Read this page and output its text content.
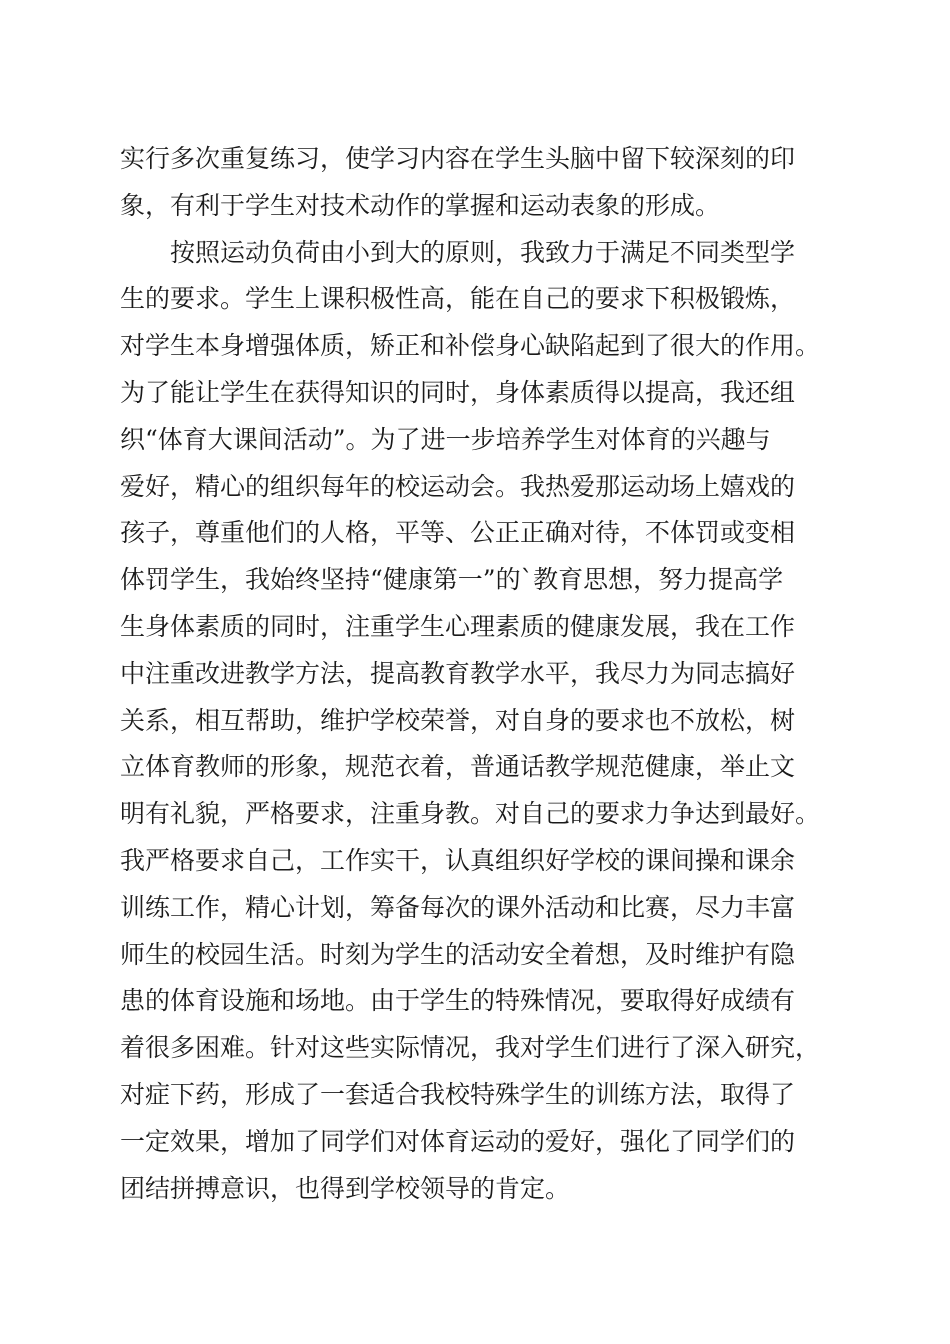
实行多次重复练习，使学习内容在学生头脑中留下较深刻的印
象，有利于学生对技术动作的掌握和运动表象的形成。
按照运动负荷由小到大的原则，我致力于满足不同类型学
生的要求。学生上课积极性高，能在自己的要求下积极锻炼，
对学生本身增强体质，矫正和补偿身心缺陷起到了很大的作用。
为了能让学生在获得知识的同时，身体素质得以提高，我还组
织“体育大课间活动”。为了进一步培养学生对体育的兴趣与
爱好，精心的组织每年的校运动会。我热爱那运动场上嬉戏的
孩子，尊重他们的人格，平等、公正正确对待，不体罚或变相
体罚学生，我始终坚持“健康第一”的`教育思想，努力提高学
生身体素质的同时，注重学生心理素质的健康发展，我在工作
中注重改进教学方法，提高教育教学水平，我尽力为同志搞好
关系，相互帮助，维护学校荣誉，对自身的要求也不放松，树
立体育教师的形象，规范衣着，普通话教学规范健康，举止文
明有礼貌，严格要求，注重身教。对自己的要求力争达到最好。
我严格要求自己，工作实干，认真组织好学校的课间操和课余
训练工作，精心计划，筹备每次的课外活动和比赛，尽力丰富
师生的校园生活。时刻为学生的活动安全着想，及时维护有隐
患的体育设施和场地。由于学生的特殊情况，要取得好成绩有
着很多困难。针对这些实际情况，我对学生们进行了深入研究，
对症下药，形成了一套适合我校特殊学生的训练方法，取得了
一定效果，增加了同学们对体育运动的爱好，强化了同学们的
团结拼搏意识，也得到学校领导的肯定。
